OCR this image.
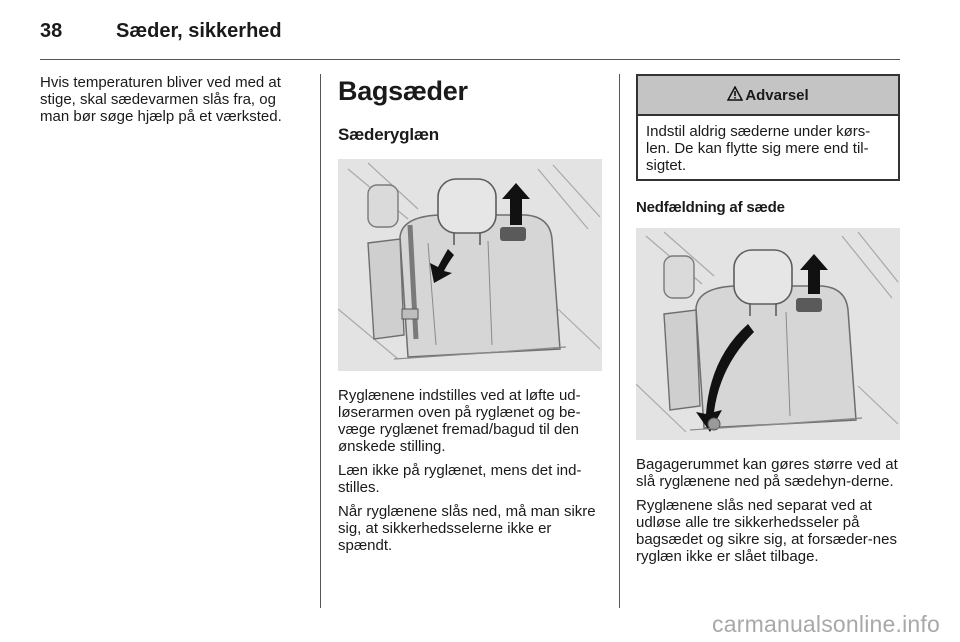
38	Sæder, sikkerhed

Hvis temperaturen bliver ved med at stige, skal sædevarmen slås fra, og man bør søge hjælp på et værksted.

Bagsæder
Sæderyglæn

Ryglænene indstilles ved at løfte ud-løserarmen oven på ryglænet og be-væge ryglænet fremad/bagud til den ønskede stilling.

Læn ikke på ryglænet, mens det ind-stilles.

Når ryglænene slås ned, må man sikre sig, at sikkerhedsselerne ikke er spændt.

Advarsel

Indstil aldrig sæderne under kørs-len. De kan flytte sig mere end til-sigtet.

Nedfældning af sæde

Bagagerummet kan gøres større ved at slå ryglænene ned på sædehyn-derne.

Ryglænene slås ned separat ved at udløse alle tre sikkerhedsseler på bagsædet og sikre sig, at forsæder-nes ryglæn ikke er slået tilbage.

carmanualsonline.info
